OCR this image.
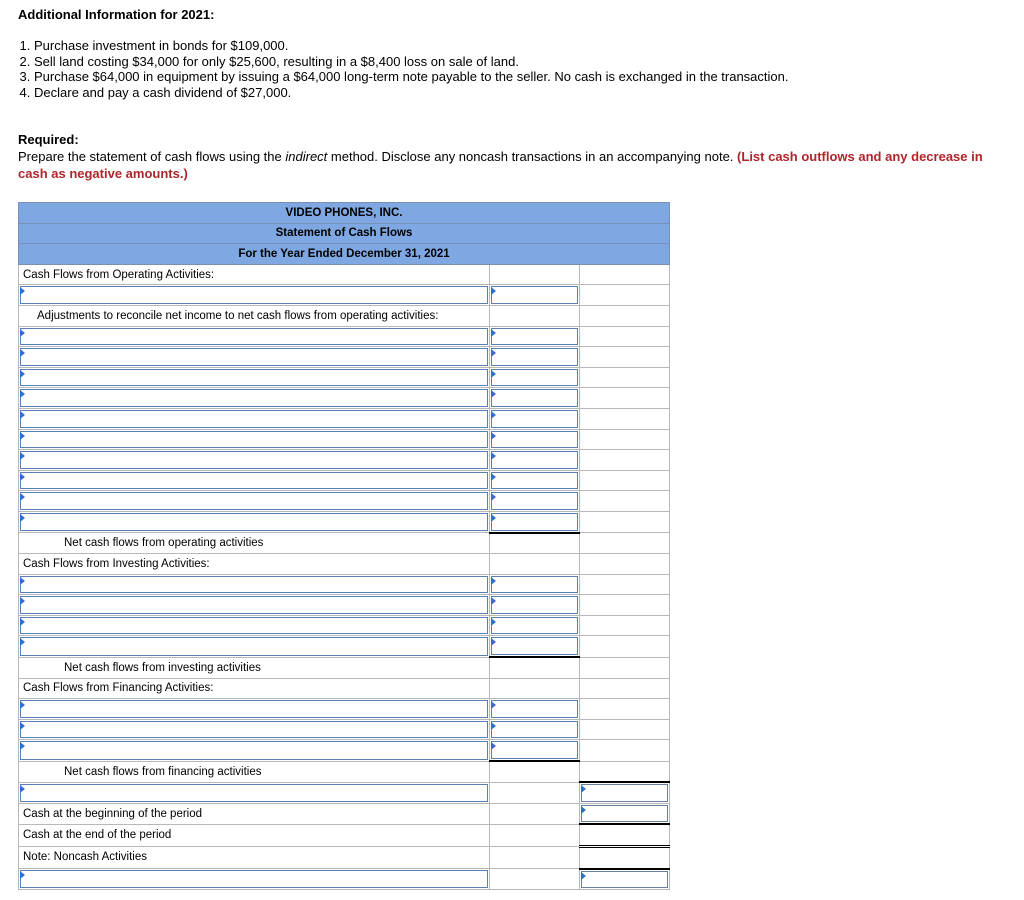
Additional Information for 2021:

1. Purchase investment in bonds for $109,000.
2. Sell land costing $34,000 for only $25,600, resulting in a $8,400 loss on sale of land.
3. Purchase $64,000 in equipment by issuing a $64,000 long-term note payable to the seller. No cash is exchanged in the transaction.
4. Declare and pay a cash dividend of $27,000.
Required:
Prepare the statement of cash flows using the indirect method. Disclose any noncash transactions in an accompanying note. (List cash outflows and any decrease in cash as negative amounts.)
VIDEO PHONES, INC.		
Statement of Cash Flows		
For the Year Ended December 31, 2021		
Cash Flows from Operating Activities:		

Adjustments to reconcile net income to net cash flows from operating activities:		

Net cash flows from operating activities		
Cash Flows from Investing Activities:		

Net cash flows from investing activities		
Cash Flows from Financing Activities:		

Net cash flows from financing activities		

Cash at the beginning of the period		

Cash at the end of the period		
Note: Noncash Activities		
